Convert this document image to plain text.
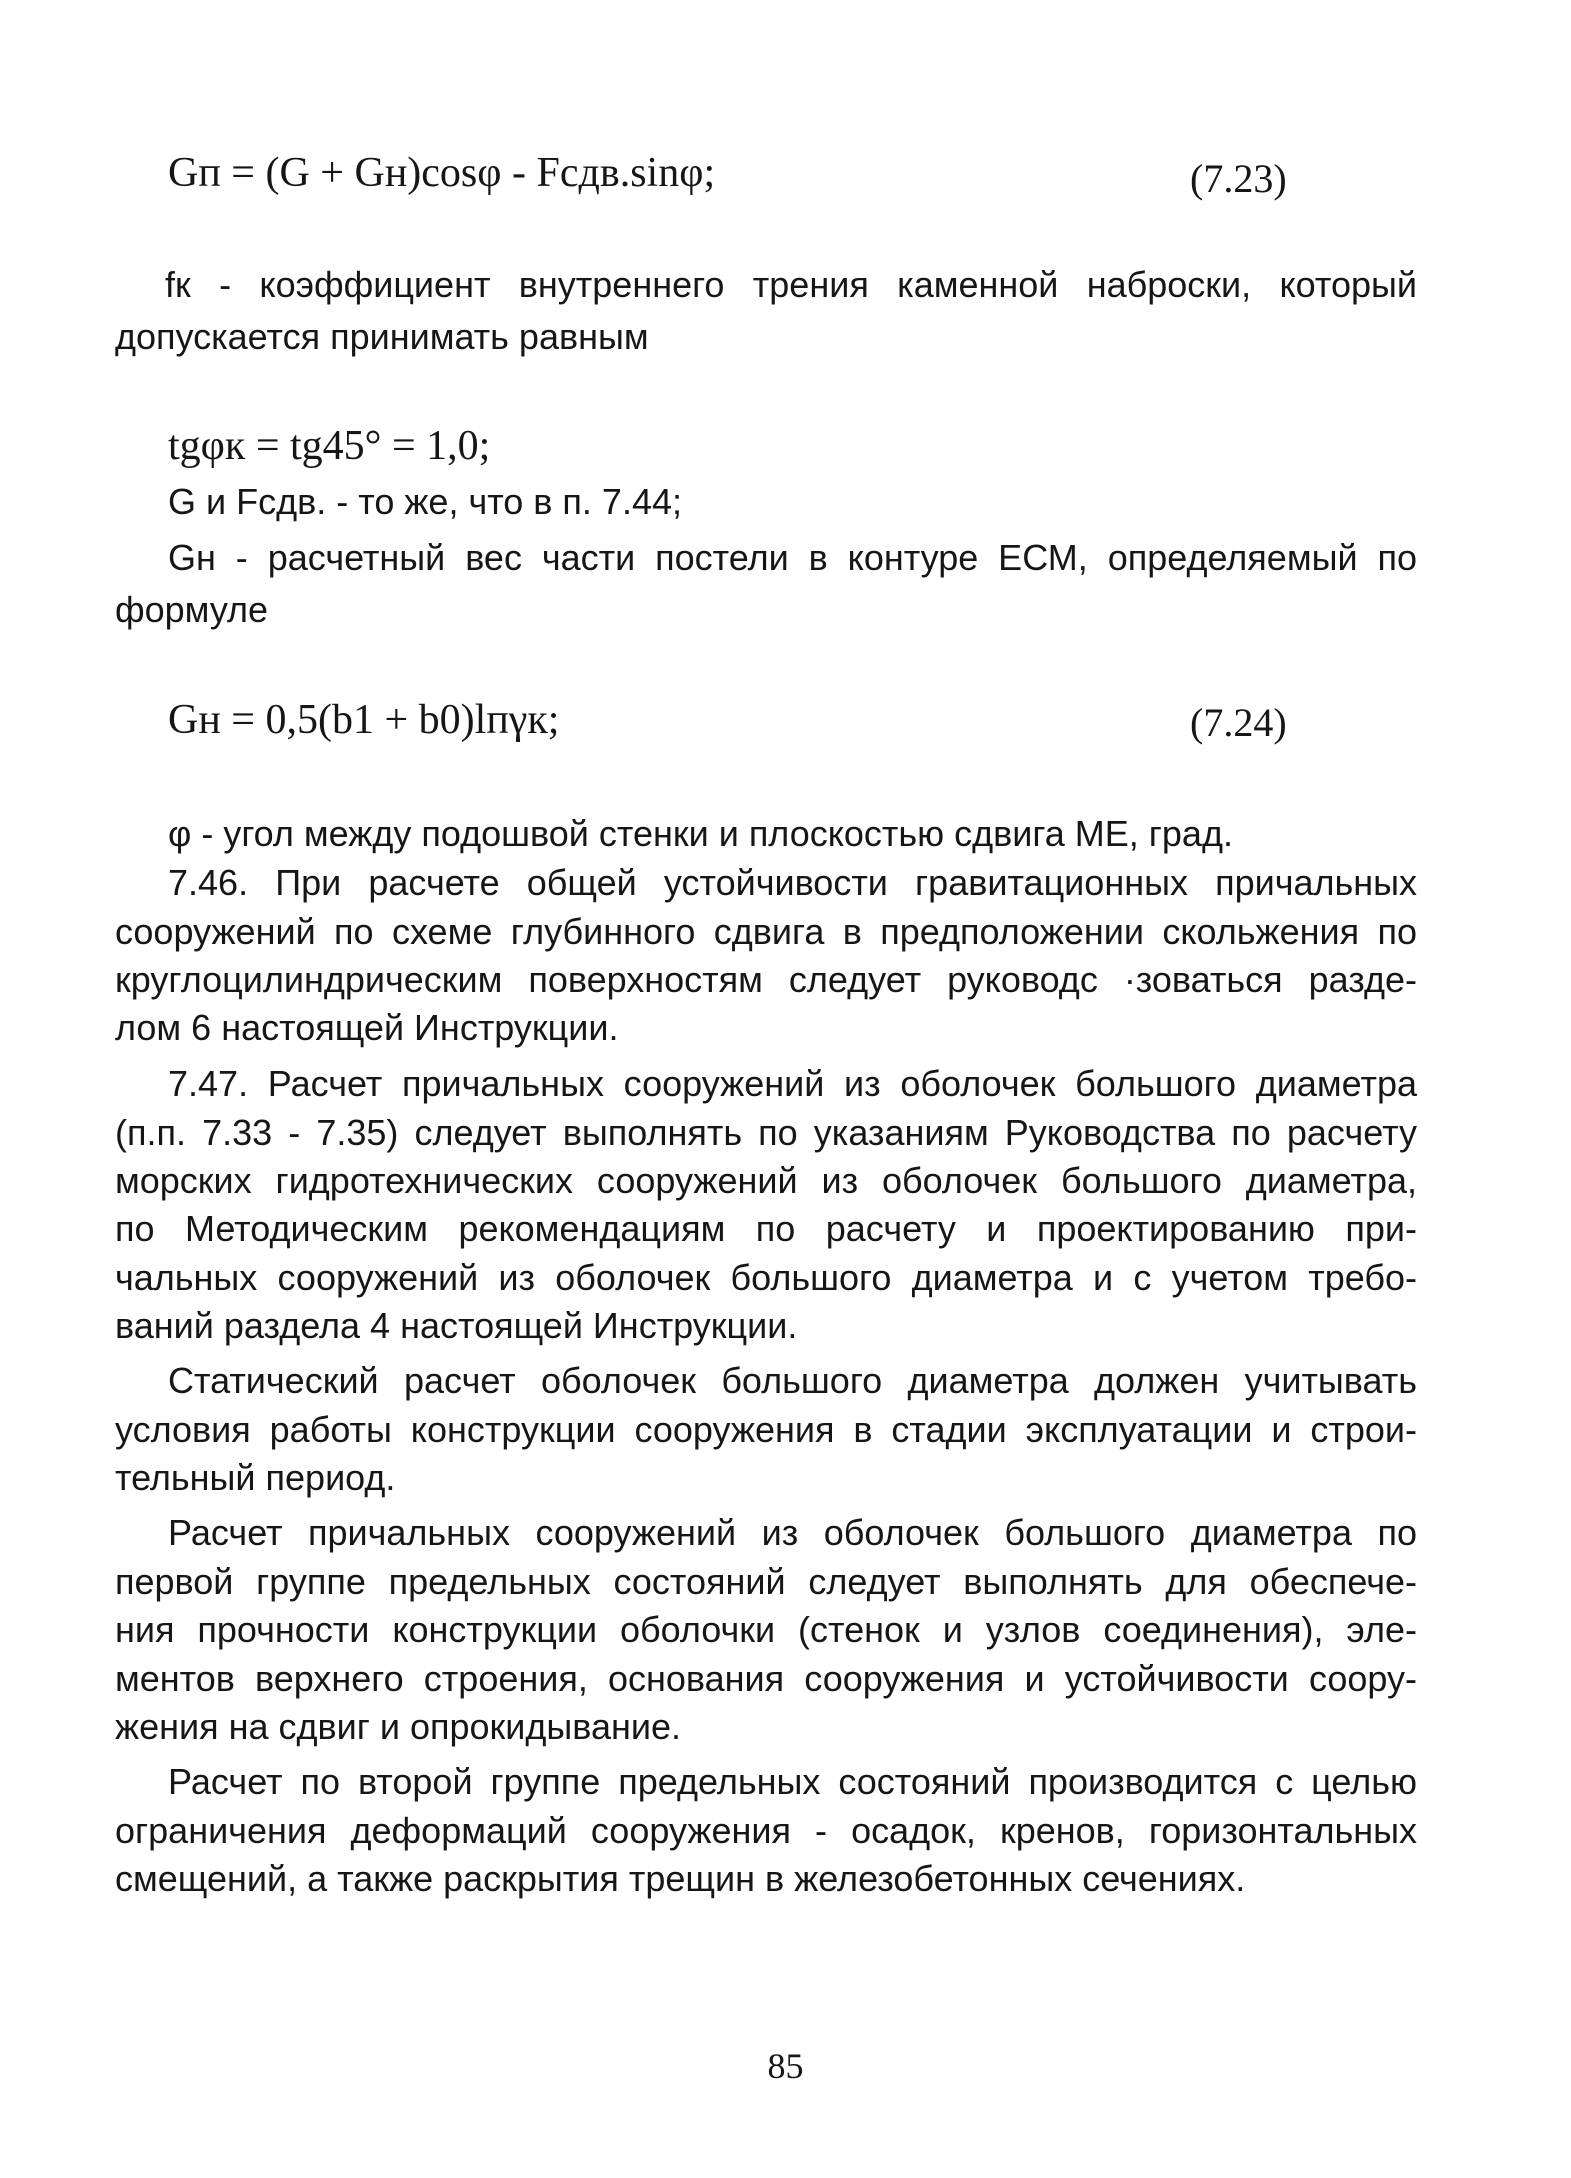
Gп = (G + Gн)cosφ - Fсдв.sinφ;	(7.23)
fк - коэффициент внутреннего трения каменной наброски, который
допускается принимать равным
tgφк = tg45° = 1,0;
G и Fсдв. - то же, что в п. 7.44;
Gн - расчетный вес части постели в контуре ЕСМ, определяемый по
формуле
Gн = 0,5(b1 + b0)lпγк;	(7.24)
φ - угол между подошвой стенки и плоскостью сдвига МЕ, град.
7.46. При расчете общей устойчивости гравитационных причальных
сооружений по схеме глубинного сдвига в предположении скольжения по
круглоцилиндрическим поверхностям следует руководс ·зоваться разде-
лом 6 настоящей Инструкции.
7.47. Расчет причальных сооружений из оболочек большого диаметра
(п.п. 7.33 - 7.35) следует выполнять по указаниям Руководства по расчету
морских гидротехнических сооружений из оболочек большого диаметра,
по Методическим рекомендациям по расчету и проектированию при-
чальных сооружений из оболочек большого диаметра и с учетом требо-
ваний раздела 4 настоящей Инструкции.
Статический расчет оболочек большого диаметра должен учитывать
условия работы конструкции сооружения в стадии эксплуатации и строи-
тельный период.
Расчет причальных сооружений из оболочек большого диаметра по
первой группе предельных состояний следует выполнять для обеспече-
ния прочности конструкции оболочки (стенок и узлов соединения), эле-
ментов верхнего строения, основания сооружения и устойчивости соору-
жения на сдвиг и опрокидывание.
Расчет по второй группе предельных состояний производится с целью
ограничения деформаций сооружения - осадок, кренов, горизонтальных
смещений, а также раскрытия трещин в железобетонных сечениях.
85
